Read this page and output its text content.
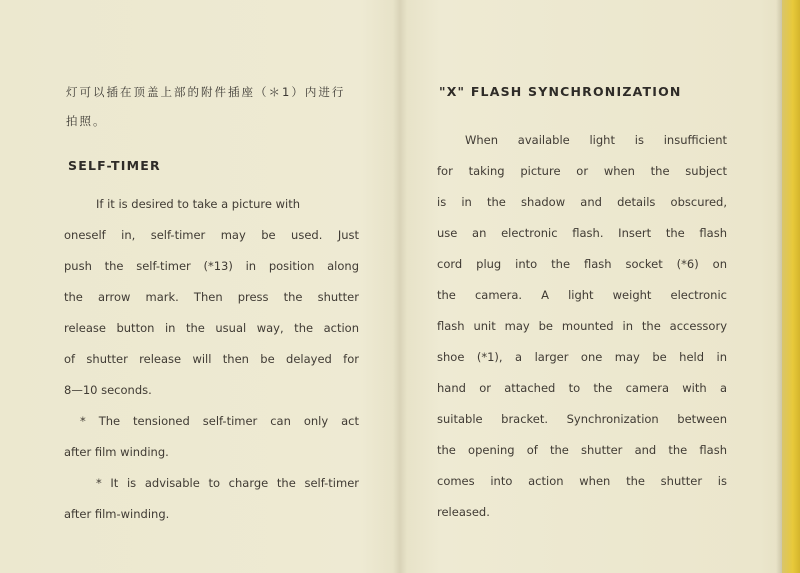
灯可以插在顶盖上部的附件插座（＊1）内进行
拍照。
SELF-TIMER
If it is desired to take a picture with
oneself in, self-timer may be used. Just
push the self-timer (*13) in position along
the arrow mark. Then press the shutter
release button in the usual way, the action
of shutter release will then be delayed for
8—10 seconds.
* The tensioned self-timer can only act
after film winding.
* It is advisable to charge the self-timer
after film-winding.
"X" FLASH SYNCHRONIZATION
When available light is insufficient
for taking picture or when the subject
is in the shadow and details obscured,
use an electronic flash. Insert the flash
cord plug into the flash socket (*6) on
the camera. A light weight electronic
flash unit may be mounted in the accessory
shoe (*1), a larger one may be held in
hand or attached to the camera with a
suitable bracket. Synchronization between
the opening of the shutter and the flash
comes into action when the shutter is
released.
